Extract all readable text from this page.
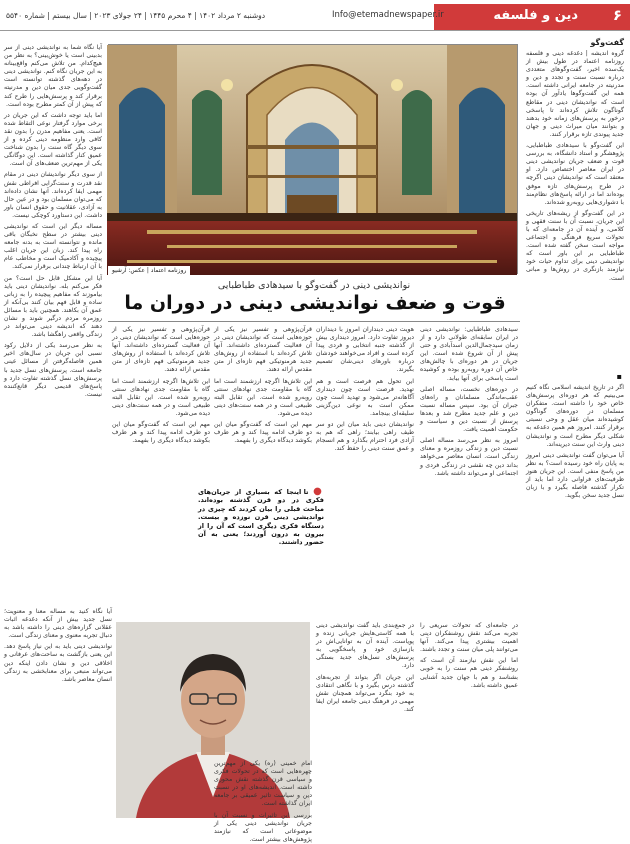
۶
دین و فلسفه
Info@etemadnewspaper.ir
دوشنبه ۲ مرداد ۱۴۰۲ | ۴ محرم ۱۴۴۵ | ۲۴ جولای ۲۰۲۳ | سال بیستم | شماره ۵۵۴۰
گفت‌وگو

گروه اندیشه | دغدغه دینی و فلسفه روزنامه اعتماد در طول بیش از یک‌سده اخیر، گفت‌وگوهای متعددی درباره نسبت سنت و تجدد و دین و مدرنیته در جامعه ایرانی داشته است. همه این گفت‌وگوها یادآور آن بوده است که نواندیشان دینی در مقاطع گوناگون تلاش کرده‌اند تا پاسخی درخور به پرسش‌های زمانه خود بدهند و بتوانند میان میراث دینی و جهان جدید پیوندی تازه برقرار کنند.

این گفت‌وگو با سیدهادی طباطبایی، پژوهشگر و استاد دانشگاه، به بررسی قوت و ضعف جریان نواندیشی دینی در ایران معاصر اختصاص دارد. او معتقد است که نواندیشان دینی اگرچه در طرح پرسش‌های تازه موفق بوده‌اند اما در ارائه پاسخ‌های نظام‌مند با دشواری‌هایی روبه‌رو شده‌اند.

در این گفت‌وگو از ریشه‌های تاریخی این جریان، نسبت آن با سنت فقهی و کلامی، و آینده آن در جامعه‌ای که با تحولات سریع فرهنگی و اجتماعی مواجه است سخن گفته شده است. طباطبایی بر این باور است که نواندیشی دینی برای تداوم حیات خود نیازمند بازنگری در روش‌ها و مبانی است.

▪

اگر در تاریخ اندیشه اسلامی نگاه کنیم می‌بینیم که هر دوره‌ای پرسش‌های خاص خود را داشته است. متفکران مسلمان در دوره‌های گوناگون کوشیده‌اند میان عقل و وحی نسبتی برقرار کنند. امروز هم همین دغدغه به شکلی دیگر مطرح است و نواندیشان دینی وارث این سنت دیرینه‌اند.

آیا می‌توان گفت نواندیشی دینی امروز به پایان راه خود رسیده است؟ به نظر من پاسخ منفی است. این جریان هنوز ظرفیت‌های فراوانی دارد اما باید از تکرار گذشته فاصله بگیرد و با زبان نسل جدید سخن بگوید.

آیا نگاه شما به نواندیشی دینی از سر بدبینی است یا خوش‌بینی؟ به نظر من هیچ‌کدام. من تلاش می‌کنم واقع‌بینانه به این جریان نگاه کنم. نواندیشی دینی در دهه‌های گذشته توانسته است گفت‌وگویی جدی میان دین و مدرنیته برقرار کند و پرسش‌هایی را طرح کند که پیش از آن کمتر مطرح بوده است.

اما باید توجه داشت که این جریان در برخی موارد گرفتار نوعی التقاط شده است. یعنی مفاهیم مدرن را بدون نقد کافی وارد منظومه دینی کرده و از سوی دیگر گاه سنت را بدون شناخت عمیق کنار گذاشته است. این دوگانگی یکی از مهم‌ترین ضعف‌های آن است.

از سوی دیگر نواندیشان دینی در مقام نقد قدرت و سنت‌گرایی افراطی نقش مهمی ایفا کرده‌اند. آنها نشان داده‌اند که می‌توان مسلمان بود و در عین حال به آزادی، عقلانیت و حقوق انسان باور داشت. این دستاورد کوچکی نیست.

مساله دیگر این است که نواندیشی دینی بیشتر در سطح نخبگان باقی مانده و نتوانسته است به بدنه جامعه راه پیدا کند. زبان این جریان اغلب پیچیده و آکادمیک است و مخاطب عام با آن ارتباط چندانی برقرار نمی‌کند.

آیا این مشکل قابل حل است؟ من فکر می‌کنم بله. نواندیشان دینی باید بیاموزند که مفاهیم پیچیده را به زبانی ساده و قابل فهم بیان کنند بی‌آنکه از عمق آن بکاهند. همچنین باید با مسائل روزمره مردم درگیر شوند و نشان دهند که اندیشه دینی می‌تواند در زندگی واقعی راهگشا باشد.

به نظر می‌رسد یکی از دلایل رکود نسبی این جریان در سال‌های اخیر همین فاصله‌گرفتن از مسائل عینی جامعه است. پرسش‌های نسل جدید با پرسش‌های نسل گذشته تفاوت دارد و پاسخ‌های قدیمی دیگر قانع‌کننده نیست.

آیا نگاه کنید به مساله معنا و معنویت؛ نسل جدید بیش از آنکه دغدغه اثبات عقلانی گزاره‌های دینی را داشته باشد به دنبال تجربه معنوی و معنای زندگی است.

نواندیشی دینی باید به این نیاز پاسخ دهد. این یعنی بازگشت به ساحت‌های عرفانی و اخلاقی دین و نشان دادن اینکه دین می‌تواند منبعی برای معنابخشی به زندگی انسان معاصر باشد.

روزنامه اعتماد | عکس: آرشیو
نواندیشی دینی در گفت‌وگو با سیدهادی طباطبایی
قوت و ضعف نواندیشی دینی در دوران ما

سیدهادی طباطبایی: نواندیشی دینی در ایران سابقه‌ای طولانی دارد و از زمان سیدجمال‌الدین اسدآبادی و حتی پیش از آن شروع شده است. این جریان در هر دوره‌ای با چالش‌های خاص آن دوره روبه‌رو بوده و کوشیده است پاسخی برای آنها بیابد.

در دوره‌های نخست، مساله اصلی عقب‌ماندگی مسلمانان و راه‌های جبران آن بود. سپس مساله نسبت دین و علم جدید مطرح شد و بعدها پرسش از نسبت دین و سیاست و حکومت اهمیت یافت.

امروز به نظر می‌رسد مساله اصلی نسبت دین و زندگی روزمره و معنای زندگی است. انسان معاصر می‌خواهد بداند دین چه نقشی در زندگی فردی و اجتماعی او می‌تواند داشته باشد.

هویت دینی دینداران امروز با دینداران دیروز تفاوت دارد. امروز دینداری بیش از گذشته جنبه انتخابی و فردی پیدا کرده است و افراد می‌خواهند خودشان درباره باورهای دینی‌شان تصمیم بگیرند.

این تحول هم فرصت است و هم تهدید. فرصت است چون دینداری آگاهانه‌تر می‌شود و تهدید است چون ممکن است به نوعی دین‌گزینی سلیقه‌ای بینجامد.

نواندیشان دینی باید میان این دو سر طیف راهی بیابند؛ راهی که هم به آزادی فرد احترام بگذارد و هم انسجام و عمق سنت دینی را حفظ کند.

قرآن‌پژوهی و تفسیر نیز یکی از حوزه‌هایی است که نواندیشان دینی در آن فعالیت گسترده‌ای داشته‌اند. آنها تلاش کرده‌اند با استفاده از روش‌های جدید هرمنوتیکی فهم تازه‌ای از متن مقدس ارائه دهند.

این تلاش‌ها اگرچه ارزشمند است اما گاه با مقاومت جدی نهادهای سنتی روبه‌رو شده است. این تقابل البته طبیعی است و در همه سنت‌های دینی دیده می‌شود.

مهم این است که گفت‌وگو میان این دو طرف ادامه پیدا کند و هر طرف بکوشد دیدگاه دیگری را بفهمد.

قرآن‌پژوهی و تفسیر نیز یکی از حوزه‌هایی است که نواندیشان دینی در آن فعالیت گسترده‌ای داشته‌اند. آنها تلاش کرده‌اند با استفاده از روش‌های جدید هرمنوتیکی فهم تازه‌ای از متن مقدس ارائه دهند.

این تلاش‌ها اگرچه ارزشمند است اما گاه با مقاومت جدی نهادهای سنتی روبه‌رو شده است. این تقابل البته طبیعی است و در همه سنت‌های دینی دیده می‌شود.

مهم این است که گفت‌وگو میان این دو طرف ادامه پیدا کند و هر طرف بکوشد دیدگاه دیگری را بفهمد.

● تا اینجا که بسیاری از جریان‌های فکری در دو قرن گذشته بوده‌اند. مباحث قبلی را بیان کردند که چیزی در نواندیشی دینی قرن نوزده و بیست. دستگاه فکری دیگری است که آن را از بیرون به درون آوردند؛ یعنی به آن حضور داشتند.

در جامعه‌ای که تحولات سریعی را تجربه می‌کند نقش روشنفکران دینی اهمیت بیشتری پیدا می‌کند. آنها می‌توانند پلی میان سنت و تجدد باشند.

اما این نقش نیازمند آن است که روشنفکر دینی هم سنت را به خوبی بشناسد و هم با جهان جدید آشنایی عمیق داشته باشد.

در جمع‌بندی باید گفت نواندیشی دینی با همه کاستی‌هایش جریانی زنده و پویاست. آینده آن به توانایی‌اش در بازسازی خود و پاسخگویی به پرسش‌های نسل‌های جدید بستگی دارد.

این جریان اگر بتواند از تجربه‌های گذشته درس بگیرد و با نگاهی انتقادی به خود بنگرد می‌تواند همچنان نقش مهمی در فرهنگ دینی جامعه ایران ایفا کند.

امام خمینی (ره) یکی از مهم‌ترین چهره‌هایی است که در تحولات فکری و سیاسی قرن گذشته نقش محوری داشته است. اندیشه‌های او در نسبت دین و سیاست تاثیر عمیقی بر جامعه ایران گذاشته است.

بررسی این تاثیرات و نسبت آن با جریان نواندیشی دینی یکی از موضوعاتی است که نیازمند پژوهش‌های بیشتر است.
